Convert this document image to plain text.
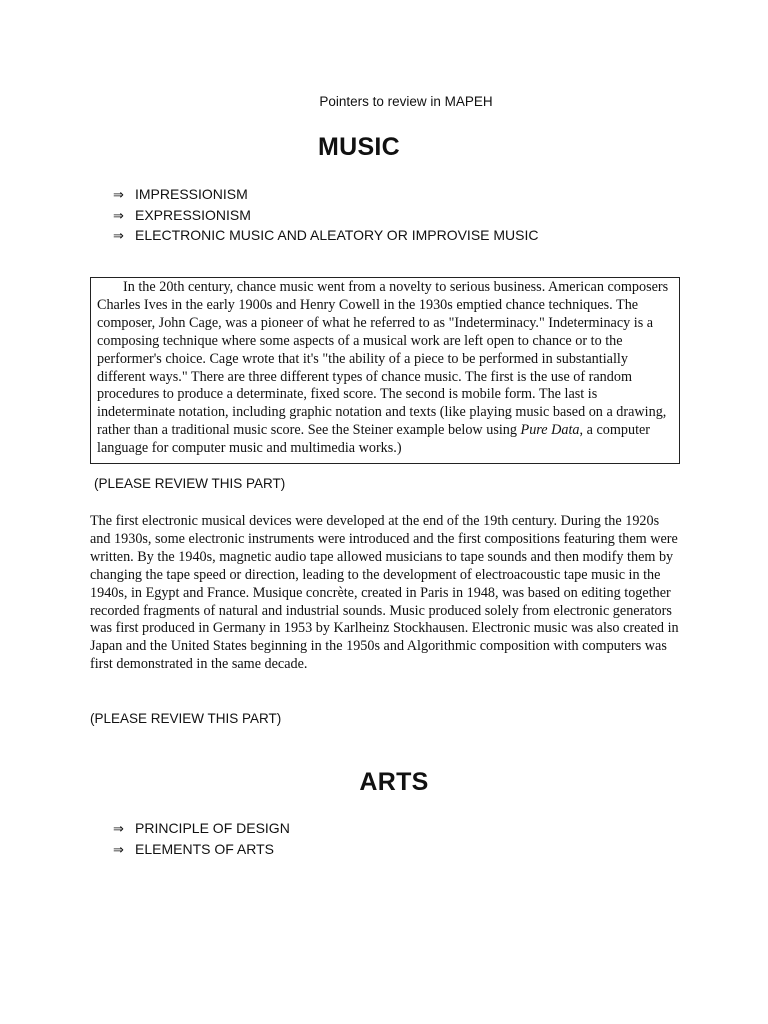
Pointers to review in MAPEH
MUSIC
⇒ IMPRESSIONISM
⇒ EXPRESSIONISM
⇒ ELECTRONIC MUSIC AND ALEATORY OR IMPROVISE MUSIC

In the 20th century, chance music went from a novelty to serious business. American composers Charles Ives in the early 1900s and Henry Cowell in the 1930s emptied chance techniques. The composer, John Cage, was a pioneer of what he referred to as "Indeterminacy." Indeterminacy is a composing technique where some aspects of a musical work are left open to chance or to the performer's choice. Cage wrote that it's "the ability of a piece to be performed in substantially different ways." There are three different types of chance music. The first is the use of random procedures to produce a determinate, fixed score. The second is mobile form. The last is indeterminate notation, including graphic notation and texts (like playing music based on a drawing, rather than a traditional music score. See the Steiner example below using Pure Data, a computer language for computer music and multimedia works.)

(PLEASE REVIEW THIS PART)

The first electronic musical devices were developed at the end of the 19th century. During the 1920s and 1930s, some electronic instruments were introduced and the first compositions featuring them were written. By the 1940s, magnetic audio tape allowed musicians to tape sounds and then modify them by changing the tape speed or direction, leading to the development of electroacoustic tape music in the 1940s, in Egypt and France. Musique concrète, created in Paris in 1948, was based on editing together recorded fragments of natural and industrial sounds. Music produced solely from electronic generators was first produced in Germany in 1953 by Karlheinz Stockhausen. Electronic music was also created in Japan and the United States beginning in the 1950s and Algorithmic composition with computers was first demonstrated in the same decade.

(PLEASE REVIEW THIS PART)
ARTS
⇒ PRINCIPLE OF DESIGN
⇒ ELEMENTS OF ARTS
